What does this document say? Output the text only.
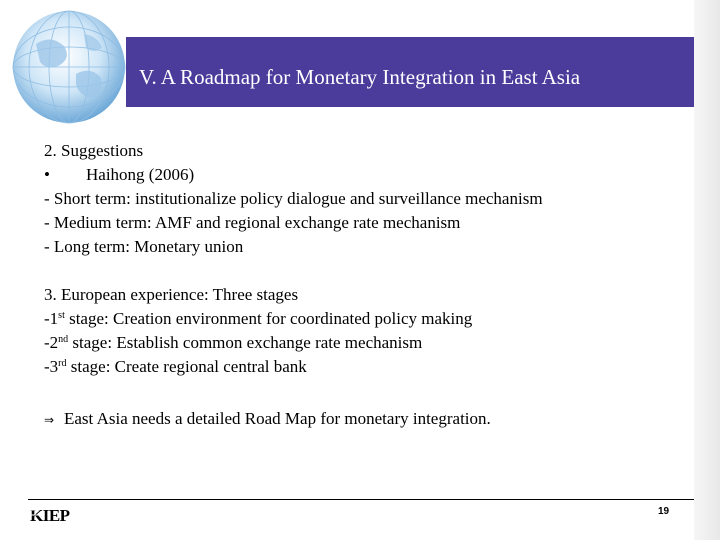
V. A Roadmap for Monetary Integration in East Asia
2. Suggestions
• Haihong (2006)
- Short term: institutionalize policy dialogue and surveillance mechanism
- Medium term: AMF and regional exchange rate mechanism
- Long term: Monetary union
3. European experience: Three stages
-1st stage: Creation environment for coordinated policy making
-2nd stage: Establish common exchange rate mechanism
-3rd stage: Create regional central bank
⇒ East Asia needs a detailed Road Map for monetary integration.
KIEP	19
